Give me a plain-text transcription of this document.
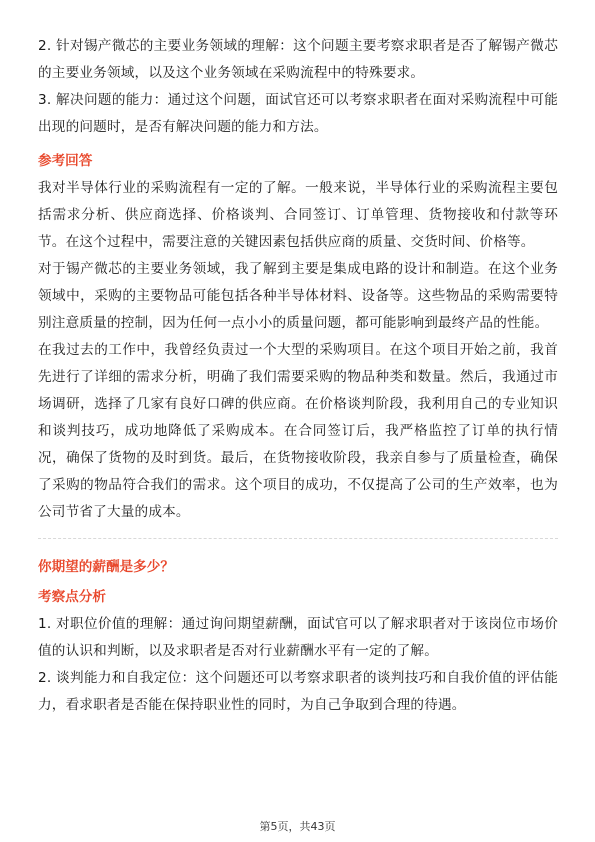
2. 针对锡产微芯的主要业务领域的理解：这个问题主要考察求职者是否了解锡产微芯的主要业务领域，以及这个业务领域在采购流程中的特殊要求。

3. 解决问题的能力：通过这个问题，面试官还可以考察求职者在面对采购流程中可能出现的问题时，是否有解决问题的能力和方法。

参考回答

我对半导体行业的采购流程有一定的了解。一般来说，半导体行业的采购流程主要包括需求分析、供应商选择、价格谈判、合同签订、订单管理、货物接收和付款等环节。在这个过程中，需要注意的关键因素包括供应商的质量、交货时间、价格等。

对于锡产微芯的主要业务领域，我了解到主要是集成电路的设计和制造。在这个业务领域中，采购的主要物品可能包括各种半导体材料、设备等。这些物品的采购需要特别注意质量的控制，因为任何一点小小的质量问题，都可能影响到最终产品的性能。

在我过去的工作中，我曾经负责过一个大型的采购项目。在这个项目开始之前，我首先进行了详细的需求分析，明确了我们需要采购的物品种类和数量。然后，我通过市场调研，选择了几家有良好口碑的供应商。在价格谈判阶段，我利用自己的专业知识和谈判技巧，成功地降低了采购成本。在合同签订后，我严格监控了订单的执行情况，确保了货物的及时到货。最后，在货物接收阶段，我亲自参与了质量检查，确保了采购的物品符合我们的需求。这个项目的成功，不仅提高了公司的生产效率，也为公司节省了大量的成本。

你期望的薪酬是多少？

考察点分析

1. 对职位价值的理解：通过询问期望薪酬，面试官可以了解求职者对于该岗位市场价值的认识和判断，以及求职者是否对行业薪酬水平有一定的了解。

2. 谈判能力和自我定位：这个问题还可以考察求职者的谈判技巧和自我价值的评估能力，看求职者是否能在保持职业性的同时，为自己争取到合理的待遇。

第5页，共43页
